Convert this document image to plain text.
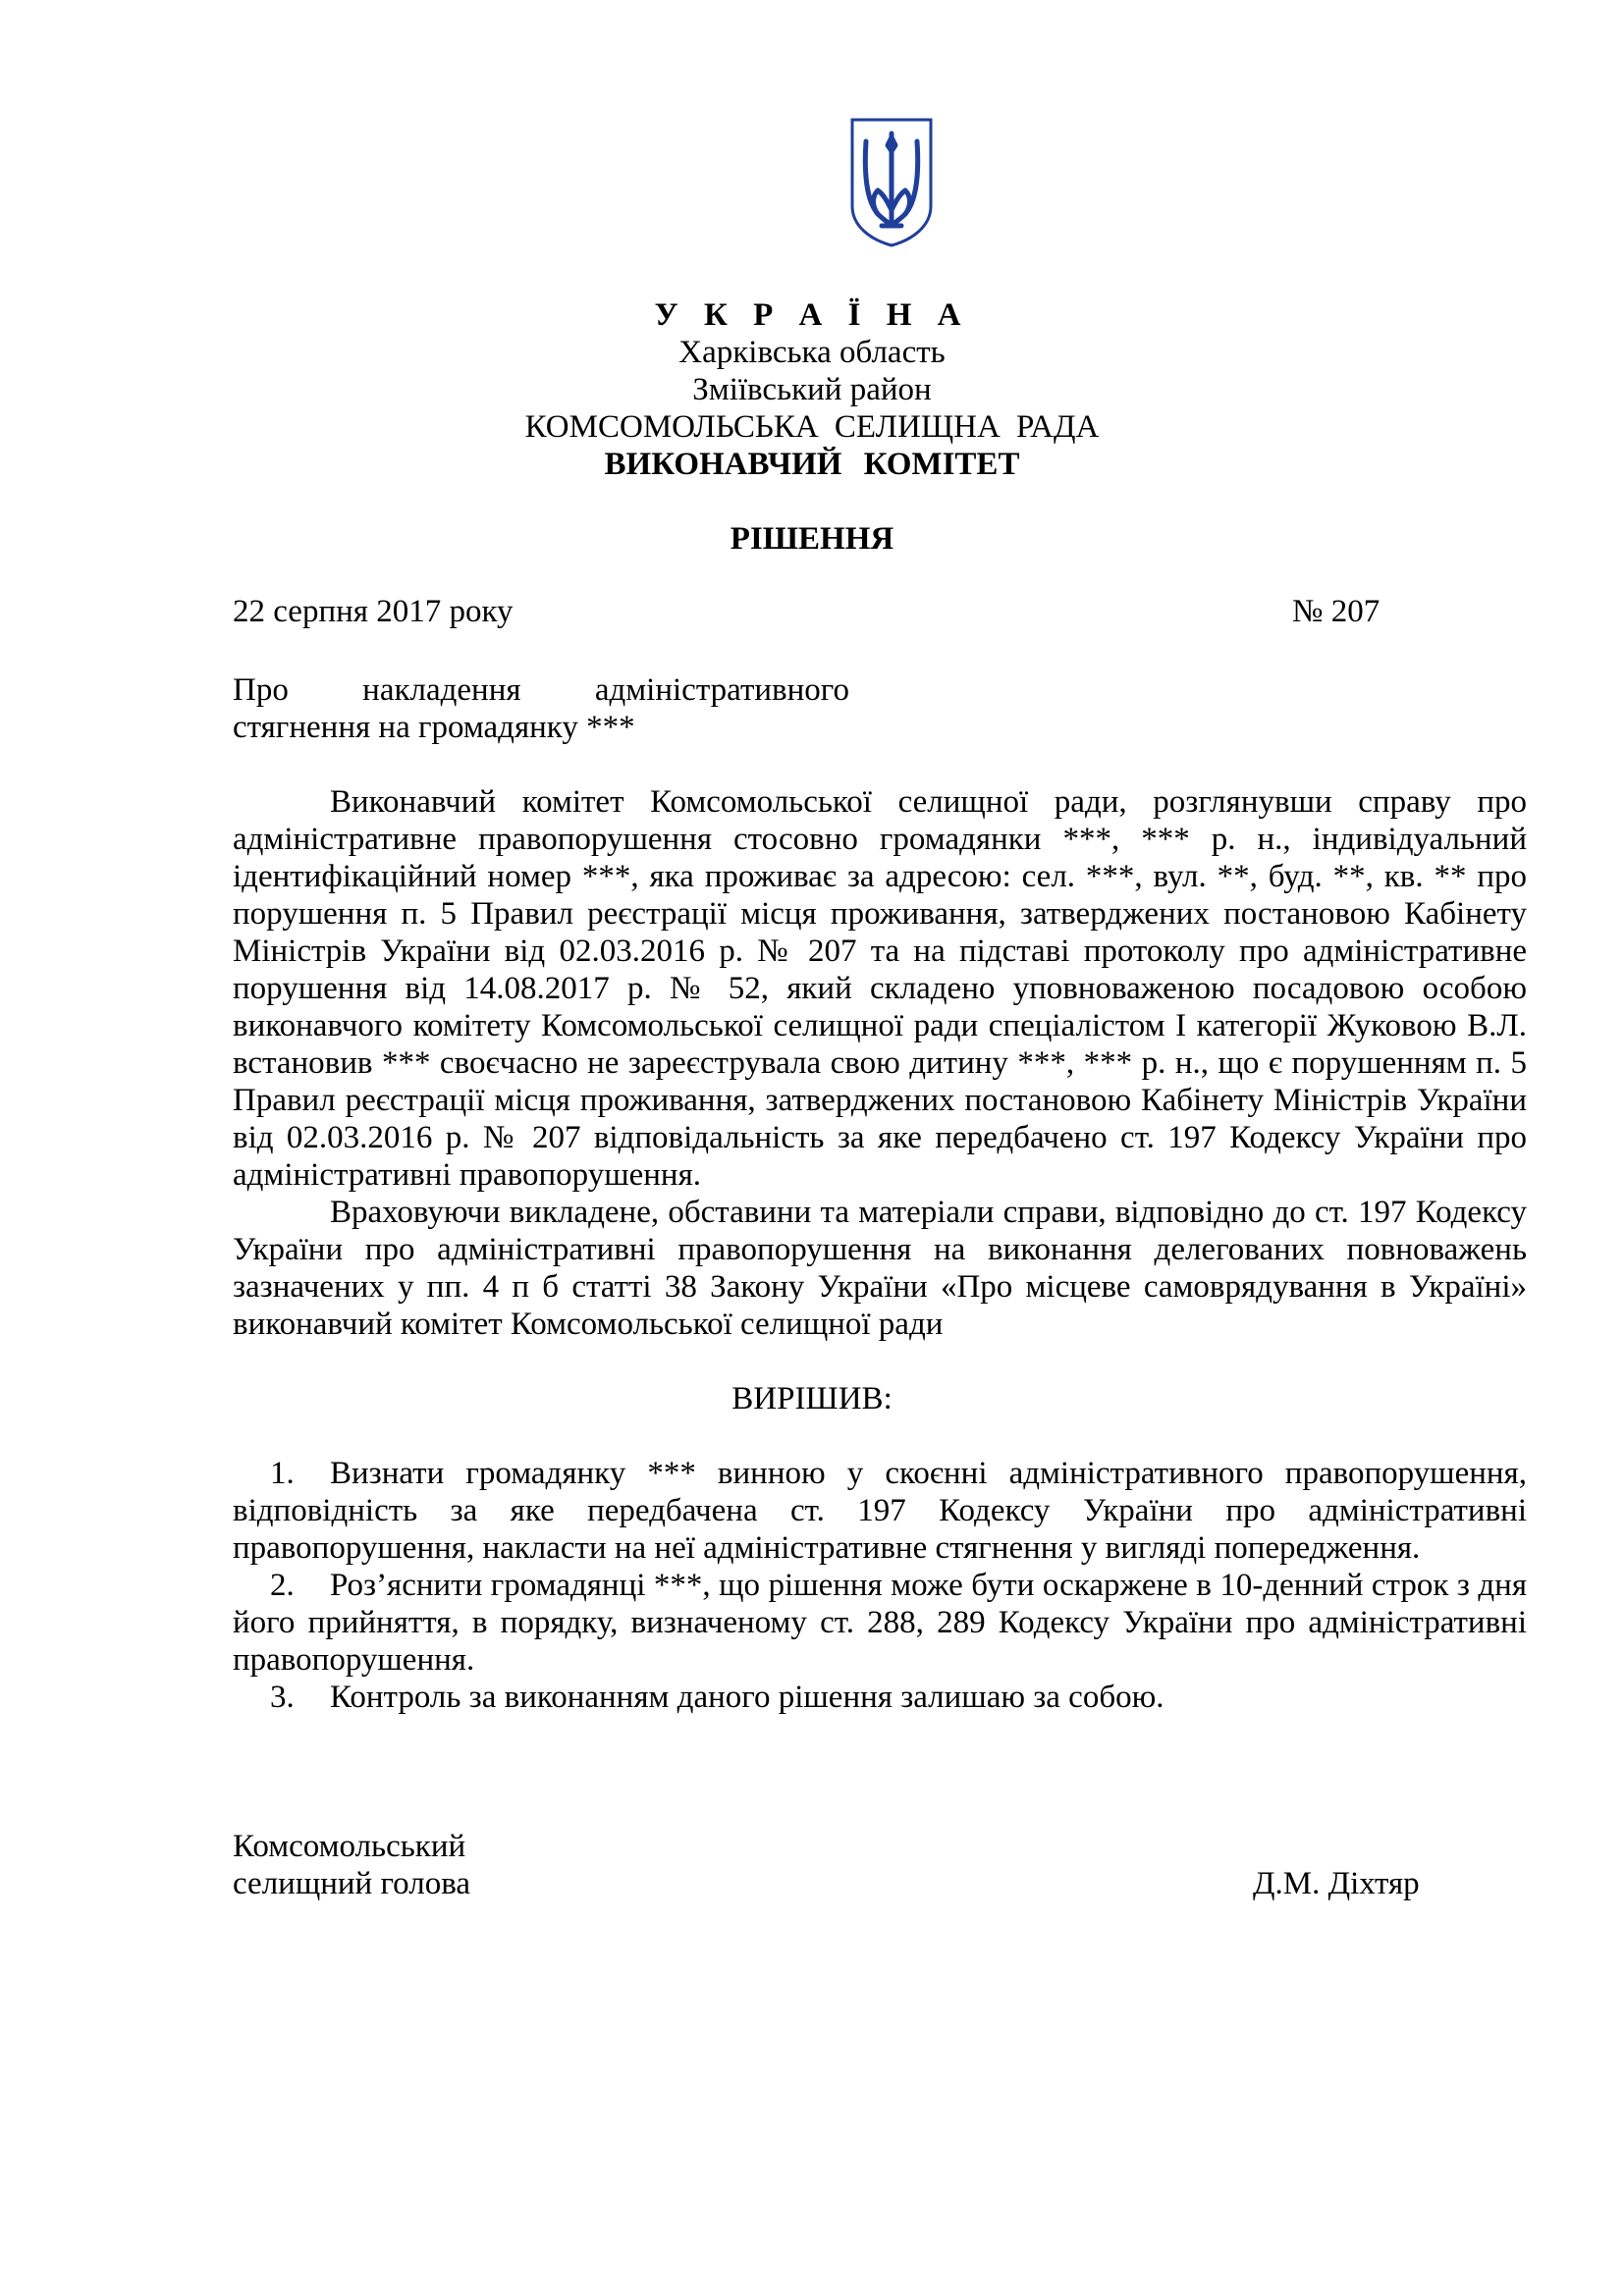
У К Р А Ї Н А
Харківська область
Зміївський район
КОМСОМОЛЬСЬКА СЕЛИЩНА РАДА
ВИКОНАВЧИЙ КОМІТЕТ
РІШЕННЯ
22 серпня 2017 року	№ 207
Про накладення адміністративного
стягнення на громадянку ***
Виконавчий комітет Комсомольської селищної ради, розглянувши справу про адміністративне правопорушення стосовно громадянки ***, *** р. н., індивідуальний ідентифікаційний номер ***, яка проживає за адресою: сел. ***, вул. **, буд. **, кв. ** про порушення п. 5 Правил реєстрації місця проживання, затверджених постановою Кабінету Міністрів України від 02.03.2016 р. № 207 та на підставі протоколу про адміністративне порушення від 14.08.2017 р. № 52, який складено уповноваженою посадовою особою виконавчого комітету Комсомольської селищної ради спеціалістом І категорії Жуковою В.Л. встановив *** своєчасно не зареєструвала свою дитину ***, *** р. н., що є порушенням п. 5 Правил реєстрації місця проживання, затверджених постановою Кабінету Міністрів України від 02.03.2016 р. № 207 відповідальність за яке передбачено ст. 197 Кодексу України про адміністративні правопорушення.
Враховуючи викладене, обставини та матеріали справи, відповідно до ст. 197 Кодексу України про адміністративні правопорушення на виконання делегованих повноважень зазначених у пп. 4 п б статті 38 Закону України «Про місцеве самоврядування в Україні» виконавчий комітет Комсомольської селищної ради
ВИРІШИВ:
1. Визнати громадянку *** винною у скоєнні адміністративного правопорушення, відповідність за яке передбачена ст. 197 Кодексу України про адміністративні правопорушення, накласти на неї адміністративне стягнення у вигляді попередження.
2. Роз’яснити громадянці ***, що рішення може бути оскаржене в 10-денний строк з дня його прийняття, в порядку, визначеному ст. 288, 289 Кодексу України про адміністративні правопорушення.
3. Контроль за виконанням даного рішення залишаю за собою.
Комсомольський
селищний голова	Д.М. Діхтяр
